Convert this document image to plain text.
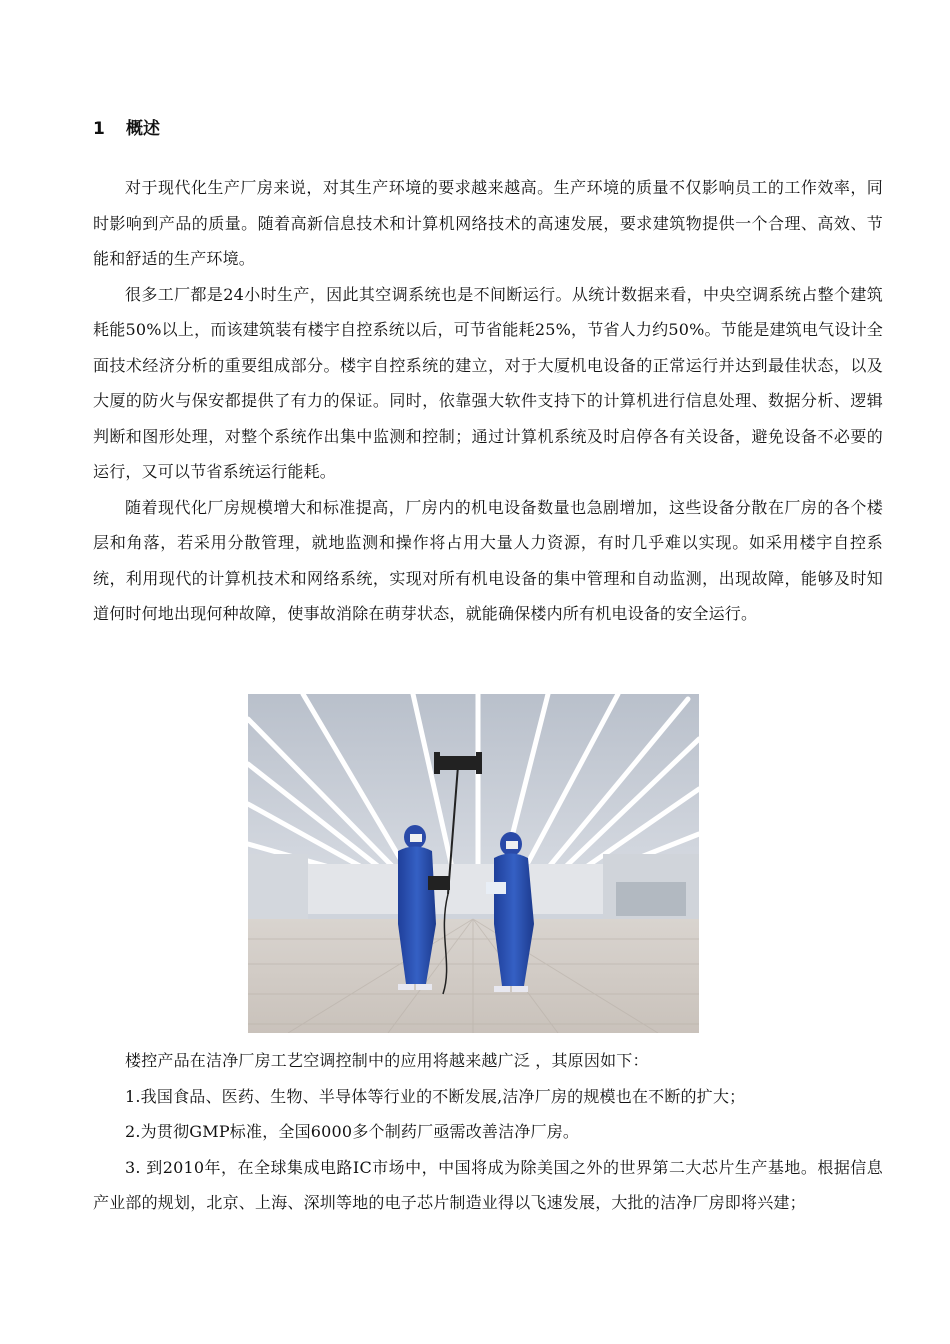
1 概述

对于现代化生产厂房来说，对其生产环境的要求越来越高。生产环境的质量不仅影响员工的工作效率，同时影响到产品的质量。随着高新信息技术和计算机网络技术的高速发展，要求建筑物提供一个合理、高效、节能和舒适的生产环境。

很多工厂都是24小时生产，因此其空调系统也是不间断运行。从统计数据来看，中央空调系统占整个建筑耗能50%以上，而该建筑装有楼宇自控系统以后，可节省能耗25%，节省人力约50%。节能是建筑电气设计全面技术经济分析的重要组成部分。楼宇自控系统的建立，对于大厦机电设备的正常运行并达到最佳状态，以及大厦的防火与保安都提供了有力的保证。同时，依靠强大软件支持下的计算机进行信息处理、数据分析、逻辑判断和图形处理，对整个系统作出集中监测和控制；通过计算机系统及时启停各有关设备，避免设备不必要的运行，又可以节省系统运行能耗。

随着现代化厂房规模增大和标准提高，厂房内的机电设备数量也急剧增加，这些设备分散在厂房的各个楼层和角落，若采用分散管理，就地监测和操作将占用大量人力资源，有时几乎难以实现。如采用楼宇自控系统，利用现代的计算机技术和网络系统，实现对所有机电设备的集中管理和自动监测，出现故障，能够及时知道何时何地出现何种故障，使事故消除在萌芽状态，就能确保楼内所有机电设备的安全运行。

楼控产品在洁净厂房工艺空调控制中的应用将越来越广泛 ，其原因如下：

1.我国食品、医药、生物、半导体等行业的不断发展,洁净厂房的规模也在不断的扩大；

2.为贯彻GMP标准，全国6000多个制药厂亟需改善洁净厂房。

3. 到2010年，在全球集成电路IC市场中，中国将成为除美国之外的世界第二大芯片生产基地。根据信息产业部的规划，北京、上海、深圳等地的电子芯片制造业得以飞速发展，大批的洁净厂房即将兴建；
